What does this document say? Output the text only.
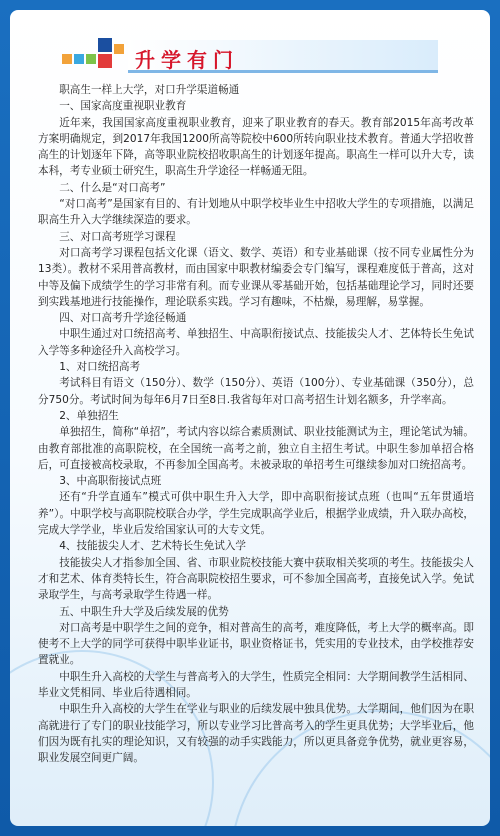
升学有门

职高生一样上大学，对口升学渠道畅通

一、国家高度重视职业教育

近年来，我国国家高度重视职业教育，迎来了职业教育的春天。教育部2015年高考改革方案明确规定，到2017年我国1200所高等院校中600所转向职业技术教育。普通大学招收普高生的计划逐年下降，高等职业院校招收职高生的计划逐年提高。职高生一样可以升大专，读本科，考专业硕士研究生，职高生升学途径一样畅通无阻。

二、什么是“对口高考”

“对口高考”是国家有目的、有计划地从中职学校毕业生中招收大学生的专项措施，以满足职高生升入大学继续深造的要求。

三、对口高考班学习课程

对口高考学习课程包括文化课（语文、数学、英语）和专业基础课（按不同专业属性分为13类）。教材不采用普高教材，而由国家中职教材编委会专门编写，课程难度低于普高，这对中等及偏下成绩学生的学习非常有利。而专业课从零基础开始，包括基础理论学习，同时还要到实践基地进行技能操作，理论联系实践。学习有趣味，不枯燥，易理解，易掌握。

四、对口高考升学途径畅通

中职生通过对口统招高考、单独招生、中高职衔接试点、技能拔尖人才、艺体特长生免试入学等多种途径升入高校学习。

1、对口统招高考

考试科目有语文（150分）、数学（150分）、英语（100分）、专业基础课（350分），总分750分。考试时间为每年6月7日至8日.我省每年对口高考招生计划名额多，升学率高。

2、单独招生

单独招生，简称“单招”，考试内容以综合素质测试、职业技能测试为主，理论笔试为辅。由教育部批准的高职院校，在全国统一高考之前，独立自主招生考试。中职生参加单招合格后，可直接被高校录取，不再参加全国高考。未被录取的单招考生可继续参加对口统招高考。

3、中高职衔接试点班

还有“升学直通车”模式可供中职生升入大学，即中高职衔接试点班（也叫“五年贯通培养”）。中职学校与高职院校联合办学，学生完成职高学业后，根据学业成绩，升入联办高校，完成大学学业，毕业后发给国家认可的大专文凭。

4、技能拔尖人才、艺术特长生免试入学

技能拔尖人才指参加全国、省、市职业院校技能大赛中获取相关奖项的考生。技能拔尖人才和艺术、体育类特长生，符合高职院校招生要求，可不参加全国高考，直接免试入学。免试录取学生，与高考录取学生待遇一样。

五、中职生升大学及后续发展的优势

对口高考是中职学生之间的竞争，相对普高生的高考，难度降低，考上大学的概率高。即使考不上大学的同学可获得中职毕业证书，职业资格证书，凭实用的专业技术，由学校推荐安置就业。

中职生升入高校的大学生与普高考入的大学生，性质完全相同：大学期间教学生活相同、毕业文凭相同、毕业后待遇相同。

中职生升入高校的大学生在学业与职业的后续发展中独具优势。大学期间，他们因为在职高就进行了专门的职业技能学习，所以专业学习比普高考入的学生更具优势；大学毕业后，他们因为既有扎实的理论知识，又有较强的动手实践能力，所以更具备竞争优势，就业更容易，职业发展空间更广阔。
